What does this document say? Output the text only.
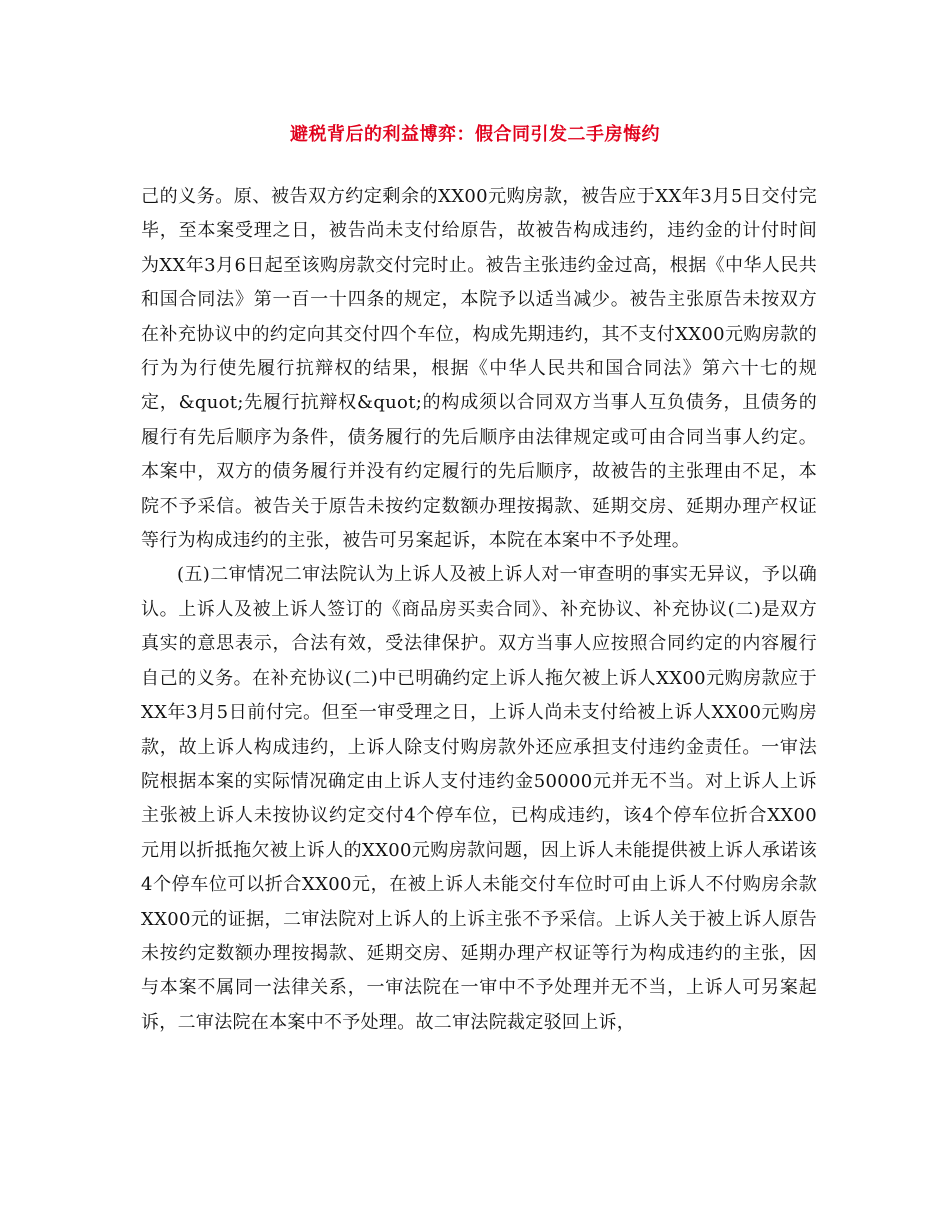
避税背后的利益博弈：假合同引发二手房悔约

己的义务。原、被告双方约定剩余的XX00元购房款，被告应于XX年3月5日交付完毕，至本案受理之日，被告尚未支付给原告，故被告构成违约，违约金的计付时间为XX年3月6日起至该购房款交付完时止。被告主张违约金过高，根据《中华人民共和国合同法》第一百一十四条的规定，本院予以适当减少。被告主张原告未按双方在补充协议中的约定向其交付四个车位，构成先期违约，其不支付XX00元购房款的行为为行使先履行抗辩权的结果，根据《中华人民共和国合同法》第六十七的规定，&quot;先履行抗辩权&quot;的构成须以合同双方当事人互负债务，且债务的履行有先后顺序为条件，债务履行的先后顺序由法律规定或可由合同当事人约定。本案中，双方的债务履行并没有约定履行的先后顺序，故被告的主张理由不足，本院不予采信。被告关于原告未按约定数额办理按揭款、延期交房、延期办理产权证等行为构成违约的主张，被告可另案起诉，本院在本案中不予处理。

(五)二审情况二审法院认为上诉人及被上诉人对一审查明的事实无异议，予以确认。上诉人及被上诉人签订的《商品房买卖合同》、补充协议、补充协议(二)是双方真实的意思表示，合法有效，受法律保护。双方当事人应按照合同约定的内容履行自己的义务。在补充协议(二)中已明确约定上诉人拖欠被上诉人XX00元购房款应于XX年3月5日前付完。但至一审受理之日，上诉人尚未支付给被上诉人XX00元购房款，故上诉人构成违约，上诉人除支付购房款外还应承担支付违约金责任。一审法院根据本案的实际情况确定由上诉人支付违约金50000元并无不当。对上诉人上诉主张被上诉人未按协议约定交付4个停车位，已构成违约，该4个停车位折合XX00元用以折抵拖欠被上诉人的XX00元购房款问题，因上诉人未能提供被上诉人承诺该4个停车位可以折合XX00元，在被上诉人未能交付车位时可由上诉人不付购房余款XX00元的证据，二审法院对上诉人的上诉主张不予采信。上诉人关于被上诉人原告未按约定数额办理按揭款、延期交房、延期办理产权证等行为构成违约的主张，因与本案不属同一法律关系，一审法院在一审中不予处理并无不当，上诉人可另案起诉，二审法院在本案中不予处理。故二审法院裁定驳回上诉，
